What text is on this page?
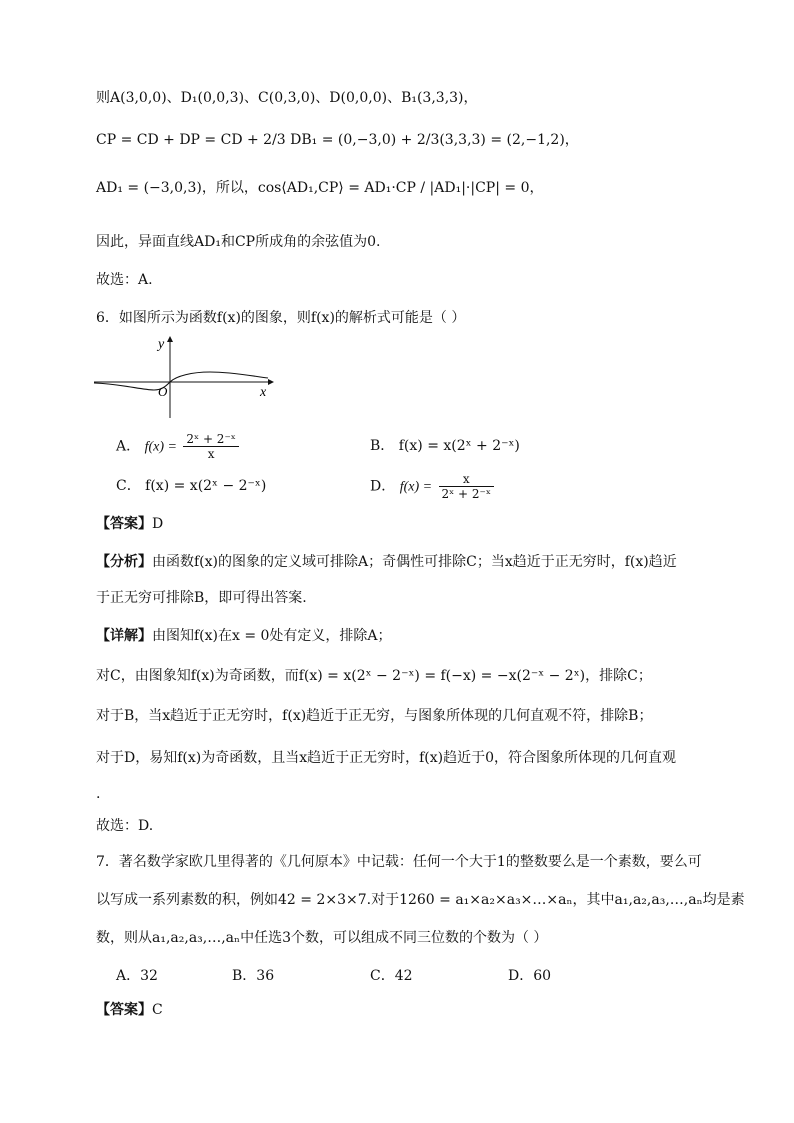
则A(3,0,0)、D₁(0,0,3)、C(0,3,0)、D(0,0,0)、B₁(3,3,3)，
CP = CD + DP = CD + 2/3 DB₁ = (0,−3,0) + 2/3(3,3,3) = (2,−1,2)，
AD₁ = (−3,0,3)，所以，cos⟨AD₁,CP⟩ = AD₁·CP / |AD₁|·|CP| = 0，
因此，异面直线AD₁和CP所成角的余弦值为0.
故选：A.
6．如图所示为函数f(x)的图象，则f(x)的解析式可能是（ ）
y
x
O
A． $f(x) = \frac{\text{2ˣ + 2⁻ˣ}}{x}$	B． f(x) = x(2ˣ + 2⁻ˣ)
C． f(x) = x(2ˣ − 2⁻ˣ)	D． $f(x) = \frac{x}{\text{2ˣ + 2⁻ˣ}}$
【答案】D
【分析】由函数f(x)的图象的定义域可排除A；奇偶性可排除C；当x趋近于正无穷时，f(x)趋近
于正无穷可排除B，即可得出答案.
【详解】由图知f(x)在x = 0处有定义，排除A；
对C，由图象知f(x)为奇函数，而f(x) = x(2ˣ − 2⁻ˣ) = f(−x) = −x(2⁻ˣ − 2ˣ)，排除C；
对于B，当x趋近于正无穷时，f(x)趋近于正无穷，与图象所体现的几何直观不符，排除B；
对于D，易知f(x)为奇函数，且当x趋近于正无穷时，f(x)趋近于0，符合图象所体现的几何直观
.
故选：D.
7．著名数学家欧几里得著的《几何原本》中记载：任何一个大于1的整数要么是一个素数，要么可
以写成一系列素数的积，例如42 = 2×3×7.对于1260 = a₁×a₂×a₃×…×aₙ，其中a₁,a₂,a₃,…,aₙ均是素
数，则从a₁,a₂,a₃,…,aₙ中任选3个数，可以组成不同三位数的个数为（ ）
A．32	B．36	C．42	D．60
【答案】C
